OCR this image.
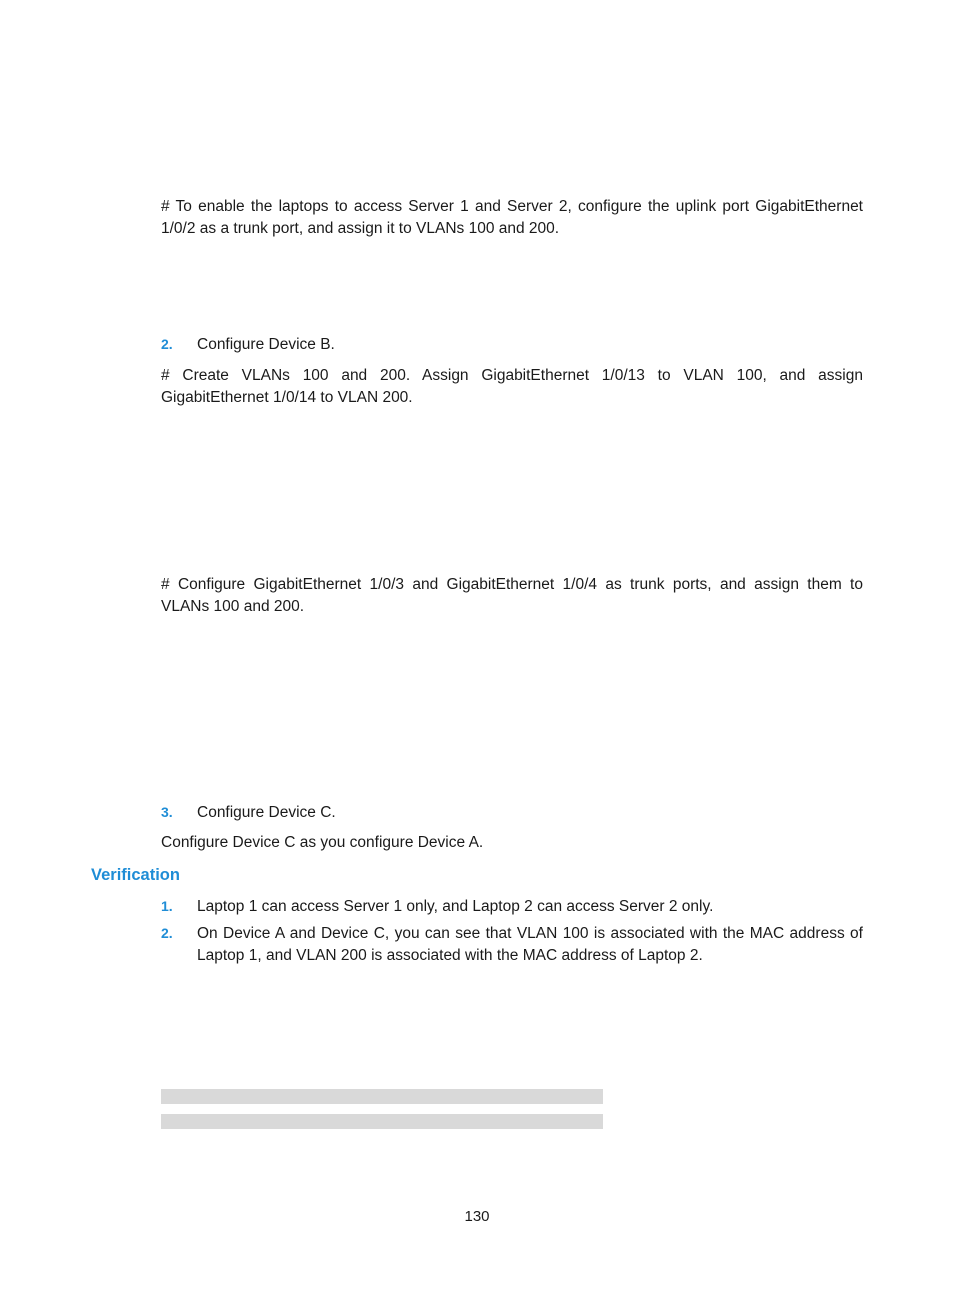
# To enable the laptops to access Server 1 and Server 2, configure the uplink port GigabitEthernet 1/0/2 as a trunk port, and assign it to VLANs 100 and 200.

2. Configure Device B.

# Create VLANs 100 and 200. Assign GigabitEthernet 1/0/13 to VLAN 100, and assign GigabitEthernet 1/0/14 to VLAN 200.

# Configure GigabitEthernet 1/0/3 and GigabitEthernet 1/0/4 as trunk ports, and assign them to VLANs 100 and 200.

3. Configure Device C.

Configure Device C as you configure Device A.

Verification
1. Laptop 1 can access Server 1 only, and Laptop 2 can access Server 2 only.
2. On Device A and Device C, you can see that VLAN 100 is associated with the MAC address of Laptop 1, and VLAN 200 is associated with the MAC address of Laptop 2.
130
